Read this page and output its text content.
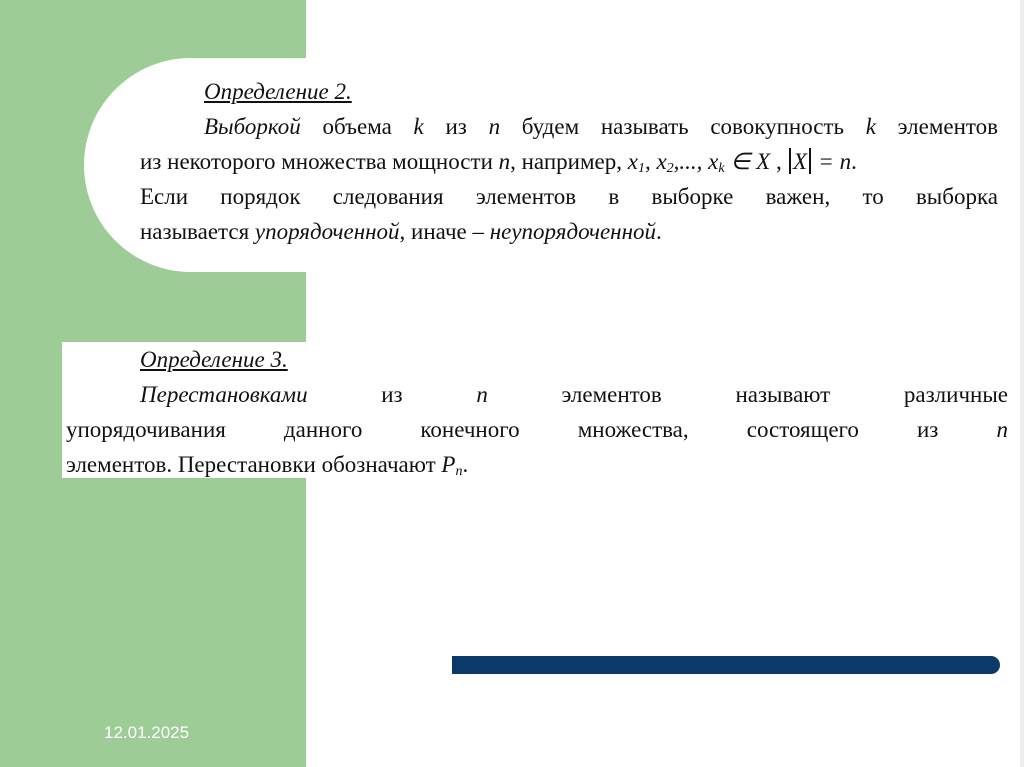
Определение 2.
Выборкой объема k из n будем называть совокупность k элементов
из некоторого множества мощности n, например, $x_1$, $x_2$,..., $x_k$ ∈ X , X = n.
Если порядок следования элементов в выборке важен, то выборка
называется упорядоченной, иначе – неупорядоченной.
Определение 3.
Перестановками из n элементов называют различные
упорядочивания данного конечного множества, состоящего из n
элементов. Перестановки обозначают $P_n$.
12.01.2025
